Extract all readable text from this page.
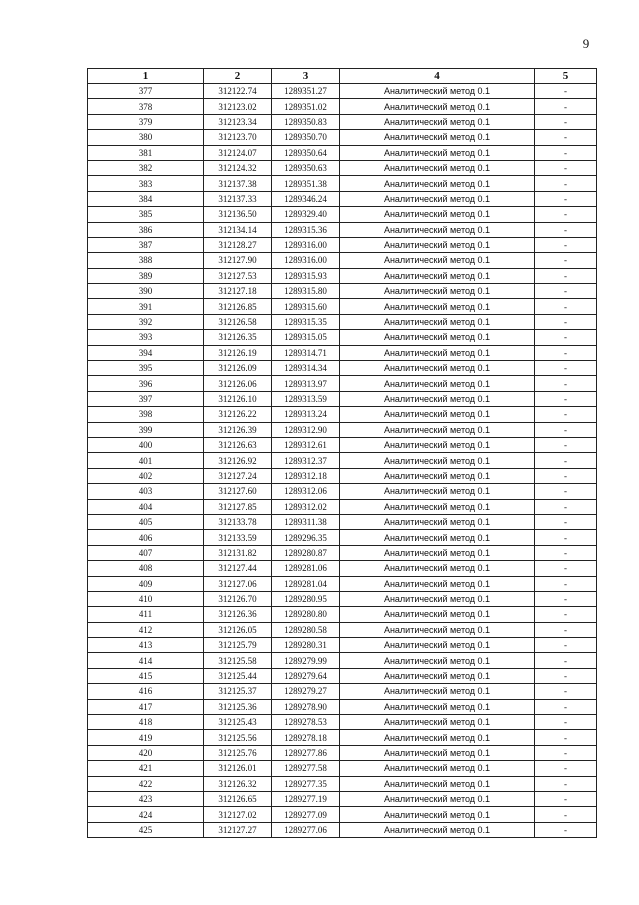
9
1	2	3	4	5
377	312122.74	1289351.27	Аналитический метод 0.1	-
378	312123.02	1289351.02	Аналитический метод 0.1	-
379	312123.34	1289350.83	Аналитический метод 0.1	-
380	312123.70	1289350.70	Аналитический метод 0.1	-
381	312124.07	1289350.64	Аналитический метод 0.1	-
382	312124.32	1289350.63	Аналитический метод 0.1	-
383	312137.38	1289351.38	Аналитический метод 0.1	-
384	312137.33	1289346.24	Аналитический метод 0.1	-
385	312136.50	1289329.40	Аналитический метод 0.1	-
386	312134.14	1289315.36	Аналитический метод 0.1	-
387	312128.27	1289316.00	Аналитический метод 0.1	-
388	312127.90	1289316.00	Аналитический метод 0.1	-
389	312127.53	1289315.93	Аналитический метод 0.1	-
390	312127.18	1289315.80	Аналитический метод 0.1	-
391	312126.85	1289315.60	Аналитический метод 0.1	-
392	312126.58	1289315.35	Аналитический метод 0.1	-
393	312126.35	1289315.05	Аналитический метод 0.1	-
394	312126.19	1289314.71	Аналитический метод 0.1	-
395	312126.09	1289314.34	Аналитический метод 0.1	-
396	312126.06	1289313.97	Аналитический метод 0.1	-
397	312126.10	1289313.59	Аналитический метод 0.1	-
398	312126.22	1289313.24	Аналитический метод 0.1	-
399	312126.39	1289312.90	Аналитический метод 0.1	-
400	312126.63	1289312.61	Аналитический метод 0.1	-
401	312126.92	1289312.37	Аналитический метод 0.1	-
402	312127.24	1289312.18	Аналитический метод 0.1	-
403	312127.60	1289312.06	Аналитический метод 0.1	-
404	312127.85	1289312.02	Аналитический метод 0.1	-
405	312133.78	1289311.38	Аналитический метод 0.1	-
406	312133.59	1289296.35	Аналитический метод 0.1	-
407	312131.82	1289280.87	Аналитический метод 0.1	-
408	312127.44	1289281.06	Аналитический метод 0.1	-
409	312127.06	1289281.04	Аналитический метод 0.1	-
410	312126.70	1289280.95	Аналитический метод 0.1	-
411	312126.36	1289280.80	Аналитический метод 0.1	-
412	312126.05	1289280.58	Аналитический метод 0.1	-
413	312125.79	1289280.31	Аналитический метод 0.1	-
414	312125.58	1289279.99	Аналитический метод 0.1	-
415	312125.44	1289279.64	Аналитический метод 0.1	-
416	312125.37	1289279.27	Аналитический метод 0.1	-
417	312125.36	1289278.90	Аналитический метод 0.1	-
418	312125.43	1289278.53	Аналитический метод 0.1	-
419	312125.56	1289278.18	Аналитический метод 0.1	-
420	312125.76	1289277.86	Аналитический метод 0.1	-
421	312126.01	1289277.58	Аналитический метод 0.1	-
422	312126.32	1289277.35	Аналитический метод 0.1	-
423	312126.65	1289277.19	Аналитический метод 0.1	-
424	312127.02	1289277.09	Аналитический метод 0.1	-
425	312127.27	1289277.06	Аналитический метод 0.1	-
